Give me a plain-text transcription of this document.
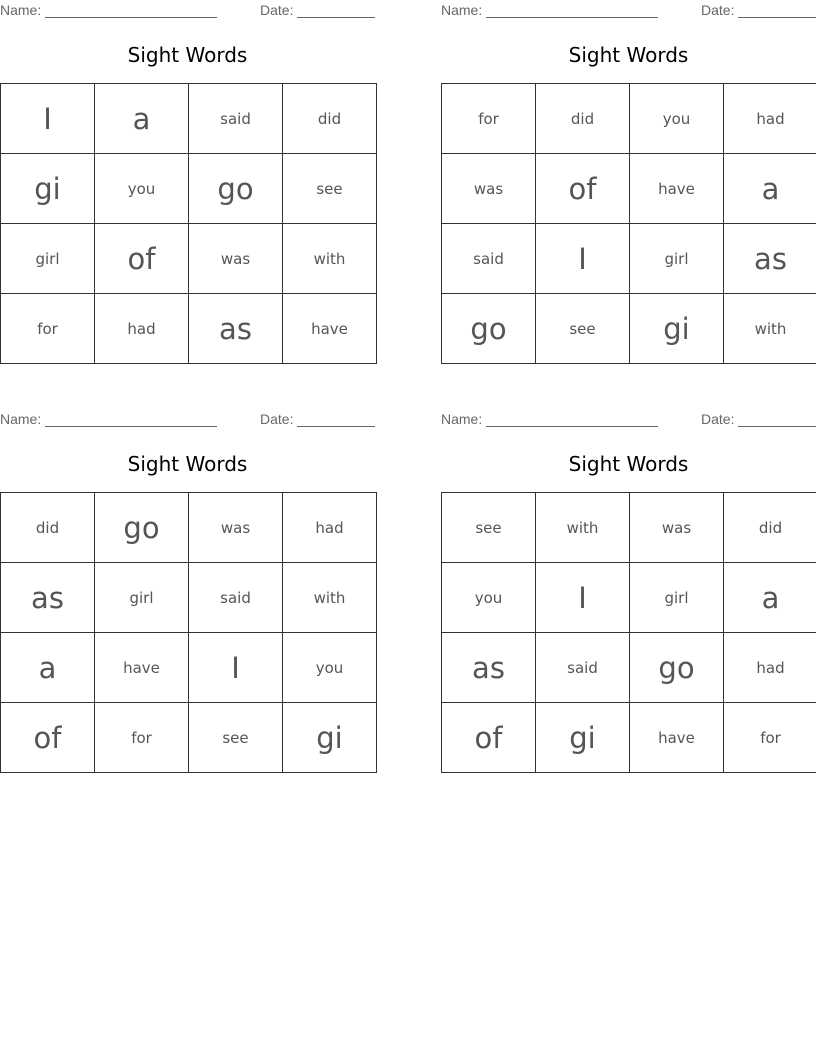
Name:	Date:
Sight Words
I	a	said	did
gi	you	go	see
girl	of	was	with
for	had	as	have
Name:	Date:
Sight Words
for	did	you	had
was	of	have	a
said	I	girl	as
go	see	gi	with
Name:	Date:
Sight Words
did	go	was	had
as	girl	said	with
a	have	I	you
of	for	see	gi
Name:	Date:
Sight Words
see	with	was	did
you	I	girl	a
as	said	go	had
of	gi	have	for
